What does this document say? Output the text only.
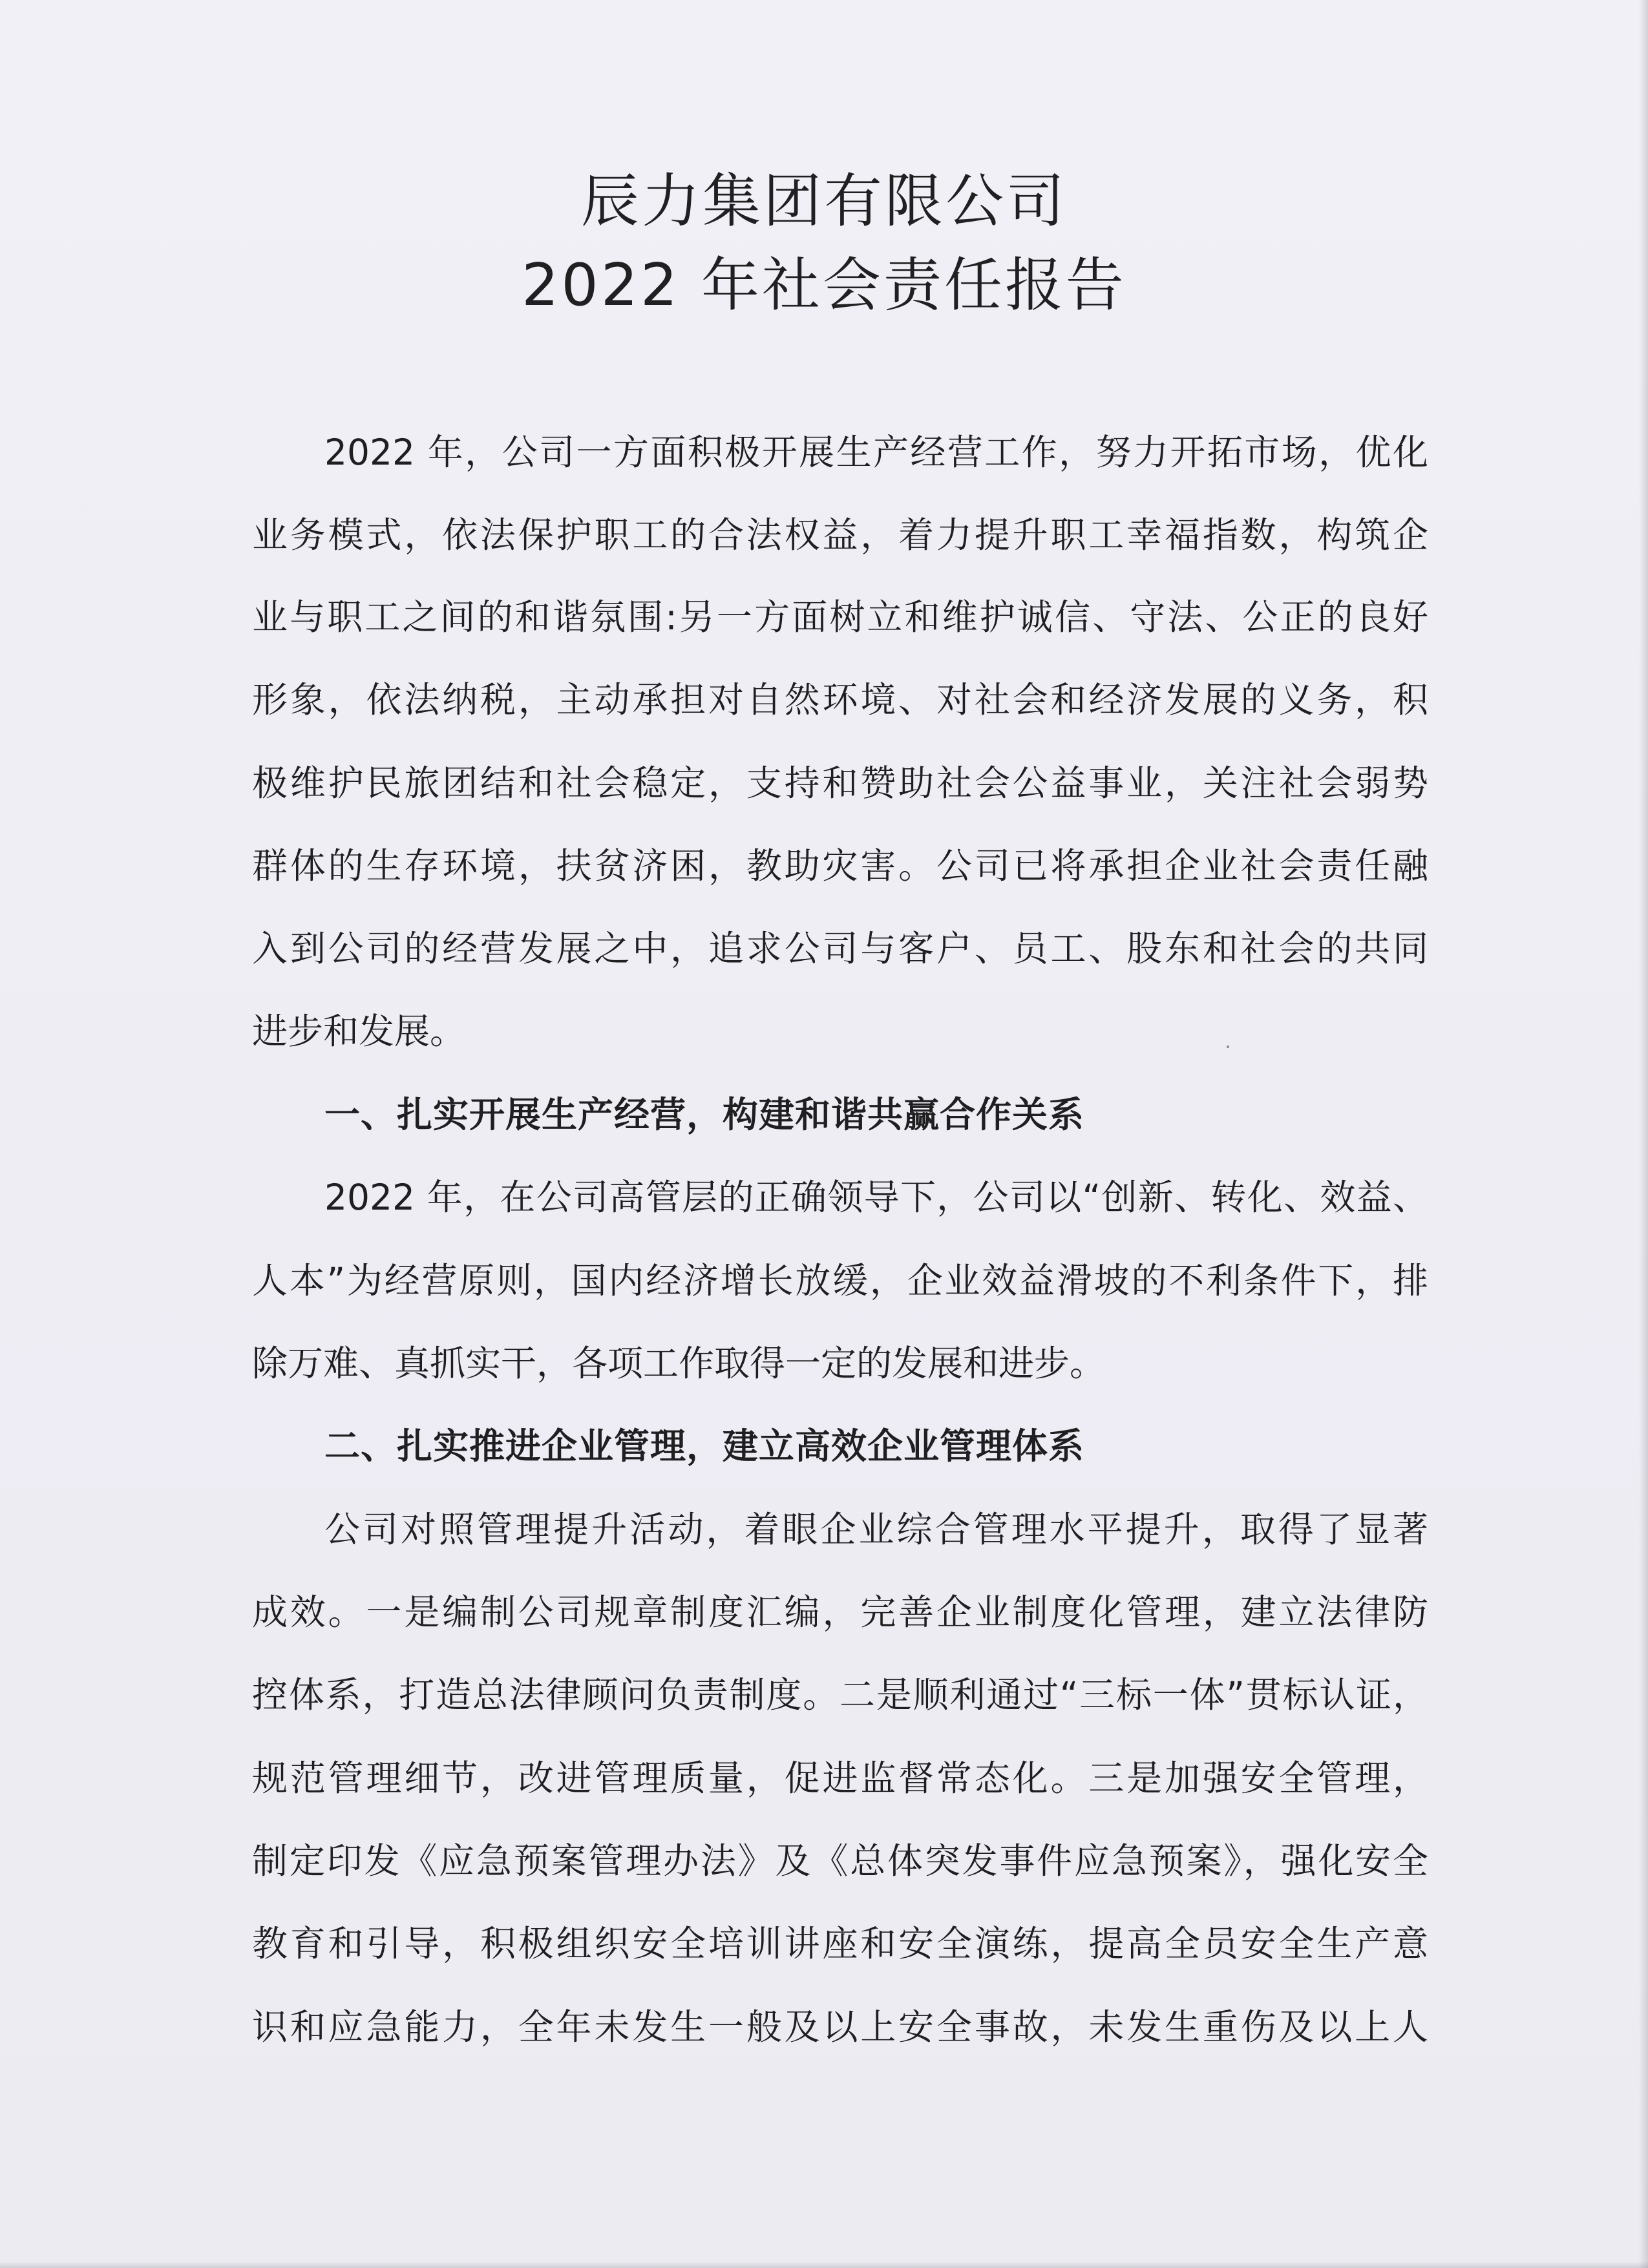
辰力集团有限公司
2022 年社会责任报告
2022 年，公司一方面积极开展生产经营工作，努力开拓市场，优化
业务模式，依法保护职工的合法权益，着力提升职工幸福指数，构筑企
业与职工之间的和谐氛围:另一方面树立和维护诚信、守法、公正的良好
形象，依法纳税，主动承担对自然环境、对社会和经济发展的义务，积
极维护民旅团结和社会稳定，支持和赞助社会公益事业，关注社会弱势
群体的生存环境，扶贫济困，教助灾害。公司已将承担企业社会责任融
入到公司的经营发展之中，追求公司与客户、员工、股东和社会的共同
进步和发展。
一、扎实开展生产经营，构建和谐共赢合作关系
2022 年，在公司高管层的正确领导下，公司以“创新、转化、效益、
人本”为经营原则，国内经济增长放缓，企业效益滑坡的不利条件下，排
除万难、真抓实干，各项工作取得一定的发展和进步。
二、扎实推进企业管理，建立高效企业管理体系
公司对照管理提升活动，着眼企业综合管理水平提升，取得了显著
成效。一是编制公司规章制度汇编，完善企业制度化管理，建立法律防
控体系，打造总法律顾问负责制度。二是顺利通过“三标一体”贯标认证，
规范管理细节，改进管理质量，促进监督常态化。三是加强安全管理，
制定印发《应急预案管理办法》及《总体突发事件应急预案》，强化安全
教育和引导，积极组织安全培训讲座和安全演练，提高全员安全生产意
识和应急能力，全年未发生一般及以上安全事故，未发生重伤及以上人
